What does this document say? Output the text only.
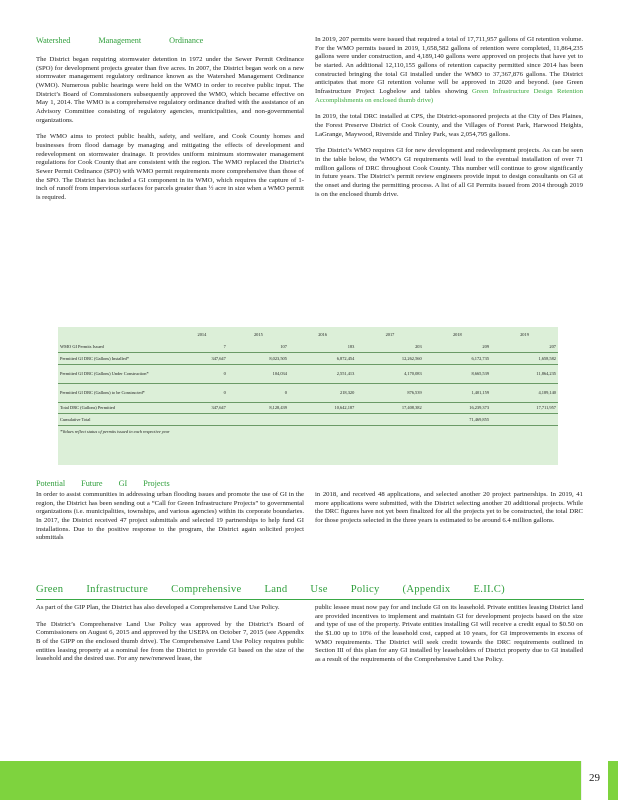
Watershed Management Ordinance

The District began requiring stormwater detention in 1972 under the Sewer Permit Ordinance (SPO) for development projects greater than five acres. In 2007, the District began work on a new stormwater management regulatory ordinance known as the Watershed Management Ordinance (WMO). Numerous public hearings were held on the WMO in order to receive public input. The District’s Board of Commissioners subsequently approved the WMO, which became effective on May 1, 2014. The WMO is a comprehensive regulatory ordinance drafted with the assistance of an Advisory Committee consisting of regulatory agencies, municipalities, and non-governmental organizations.

The WMO aims to protect public health, safety, and welfare, and Cook County homes and businesses from flood damage by managing and mitigating the effects of development and redevelopment on stormwater drainage. It provides uniform minimum stormwater management regulations for Cook County that are consistent with the region. The WMO replaced the District’s Sewer Permit Ordinance (SPO) with WMO permit requirements more comprehensive than those of the SPO. The District has included a GI component in its WMO, which requires the capture of 1-inch of runoff from impervious surfaces for parcels greater than ½ acre in size when a WMO permit is required.

In 2019, 207 permits were issued that required a total of 17,711,957 gallons of GI retention volume. For the WMO permits issued in 2019, 1,658,582 gallons of retention were completed, 11,864,235 gallons were under construction, and 4,189,140 gallons were approved on projects that have yet to be started. An additional 12,110,155 gallons of retention capacity permitted since 2014 has been constructed bringing the total GI installed under the WMO to 37,367,876 gallons. The District anticipates that more GI retention volume will be approved in 2020 and beyond. (see Green Infrastructure Project Logbelow and tables showing Green Infrastructure Design Retention Accomplishments on enclosed thumb drive)

In 2019, the total DRC installed at CPS, the District-sponsored projects at the City of Des Plaines, the Forest Preserve District of Cook County, and the Villages of Forest Park, Harwood Heights, LaGrange, Maywood, Riverside and Tinley Park, was 2,054,795 gallons.

The District’s WMO requires GI for new development and redevelopment projects. As can be seen in the table below, the WMO’s GI requirements will lead to the eventual installation of over 71 million gallons of DRC throughout Cook County. This number will continue to grow significantly in future years. The District’s permit review engineers provide input to design consultants on GI at the onset and during the permitting process. A list of all GI Permits issued from 2014 through 2019 is on the enclosed thumb drive.

	2014	2015	2016	2017	2018	2019
WMO GI Permits Issued	7	107	183	203	209	207
Permitted GI DRC (Gallons) Installed*	347,647	8,023,505	6,872,454	12,262,560	6,172,735	1,658,582
Permitted GI DRC (Gallons) Under Construction*	0	104,034	2,551,413	4,170,083	8,665,539	11,864,235
Permitted GI DRC (Gallons) to be Constructed*	0	0	218,320	876,539	1,401,159	4,189,140
Total DRC (Gallons) Permitted	347,647	8,128,439	10,642,187	17,408,382	16,239,373	17,711,957
Cumulative Total					71,469,855	
*Values reflect status of permits issued in each respective year						
Potential Future GI Projects

In order to assist communities in addressing urban flooding issues and promote the use of GI in the region, the District has been sending out a “Call for Green Infrastructure Projects” to governmental organizations (i.e. municipalities, townships, and various agencies) within its corporate boundaries. In 2017, the District received 47 project submittals and selected 19 partnerships to help fund GI installations. Due to the positive response to the program, the District again solicited project submittals

in 2018, and received 48 applications, and selected another 20 project partnerships. In 2019, 41 more applications were submitted, with the District selecting another 20 additional projects. While the DRC figures have not yet been finalized for all the projects yet to be constructed, the total DRC for those projects selected in the three years is estimated to be around 6.4 million gallons.

Green Infrastructure Comprehensive Land Use Policy (Appendix E.II.C)

As part of the GIP Plan, the District has also developed a Comprehensive Land Use Policy.

The District’s Comprehensive Land Use Policy was approved by the District’s Board of Commissioners on August 6, 2015 and approved by the USEPA on October 7, 2015 (see Appendix B of the GIPP on the enclosed thumb drive). The Comprehensive Land Use Policy requires public entities leasing property at a nominal fee from the District to provide GI based on the size of the leasehold and the desired use. For any new/renewed lease, the

public lessee must now pay for and include GI on its leasehold. Private entities leasing District land are provided incentives to implement and maintain GI for development projects based on the size and type of use of the property. Private entities installing GI will receive a credit equal to $0.50 on the $1.00 up to 10% of the leasehold cost, capped at 10 years, for GI improvements in excess of WMO requirements. The District will seek credit towards the DRC requirements outlined in Section III of this plan for any GI installed by leaseholders of District property due to GI installed as a result of the requirements of the Comprehensive Land Use Policy.

29
